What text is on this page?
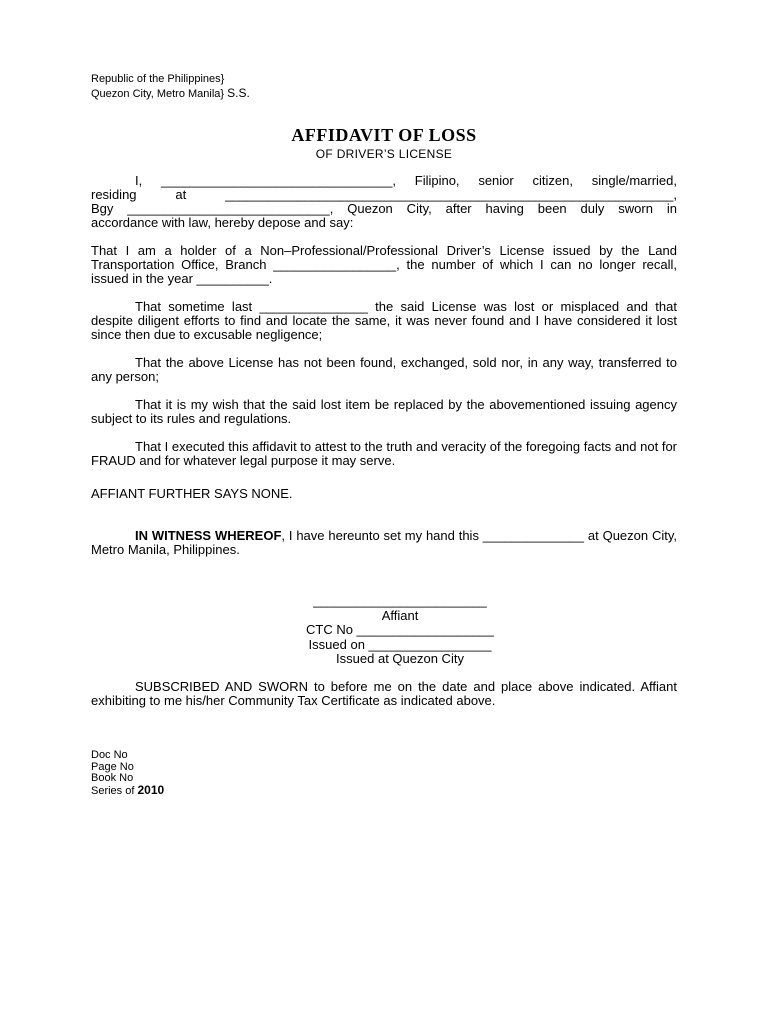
Republic of the Philippines}
Quezon City, Metro Manila} S.S.
AFFIDAVIT OF LOSS
OF DRIVER’S LICENSE

I, ________________________________, Filipino, senior citizen, single/married,

residing at ______________________________________________________________,

Bgy ____________________________, Quezon City, after having been duly sworn in

accordance with law, hereby depose and say:

That I am a holder of a Non–Professional/Professional Driver’s License issued by the Land Transportation Office, Branch _________________, the number of which I can no longer recall, issued in the year __________.

That sometime last _______________ the said License was lost or misplaced and that despite diligent efforts to find and locate the same, it was never found and I have considered it lost since then due to excusable negligence;

That the above License has not been found, exchanged, sold nor, in any way, transferred to any person;

That it is my wish that the said lost item be replaced by the abovementioned issuing agency subject to its rules and regulations.

That I executed this affidavit to attest to the truth and veracity of the foregoing facts and not for FRAUD and for whatever legal purpose it may serve.

AFFIANT FURTHER SAYS NONE.

IN WITNESS WHEREOF, I have hereunto set my hand this ______________ at Quezon City, Metro Manila, Philippines.

________________________
Affiant
CTC No ___________________
Issued on _________________
Issued at Quezon City

SUBSCRIBED AND SWORN to before me on the date and place above indicated. Affiant exhibiting to me his/her Community Tax Certificate as indicated above.

Doc No
Page No
Book No
Series of 2010
